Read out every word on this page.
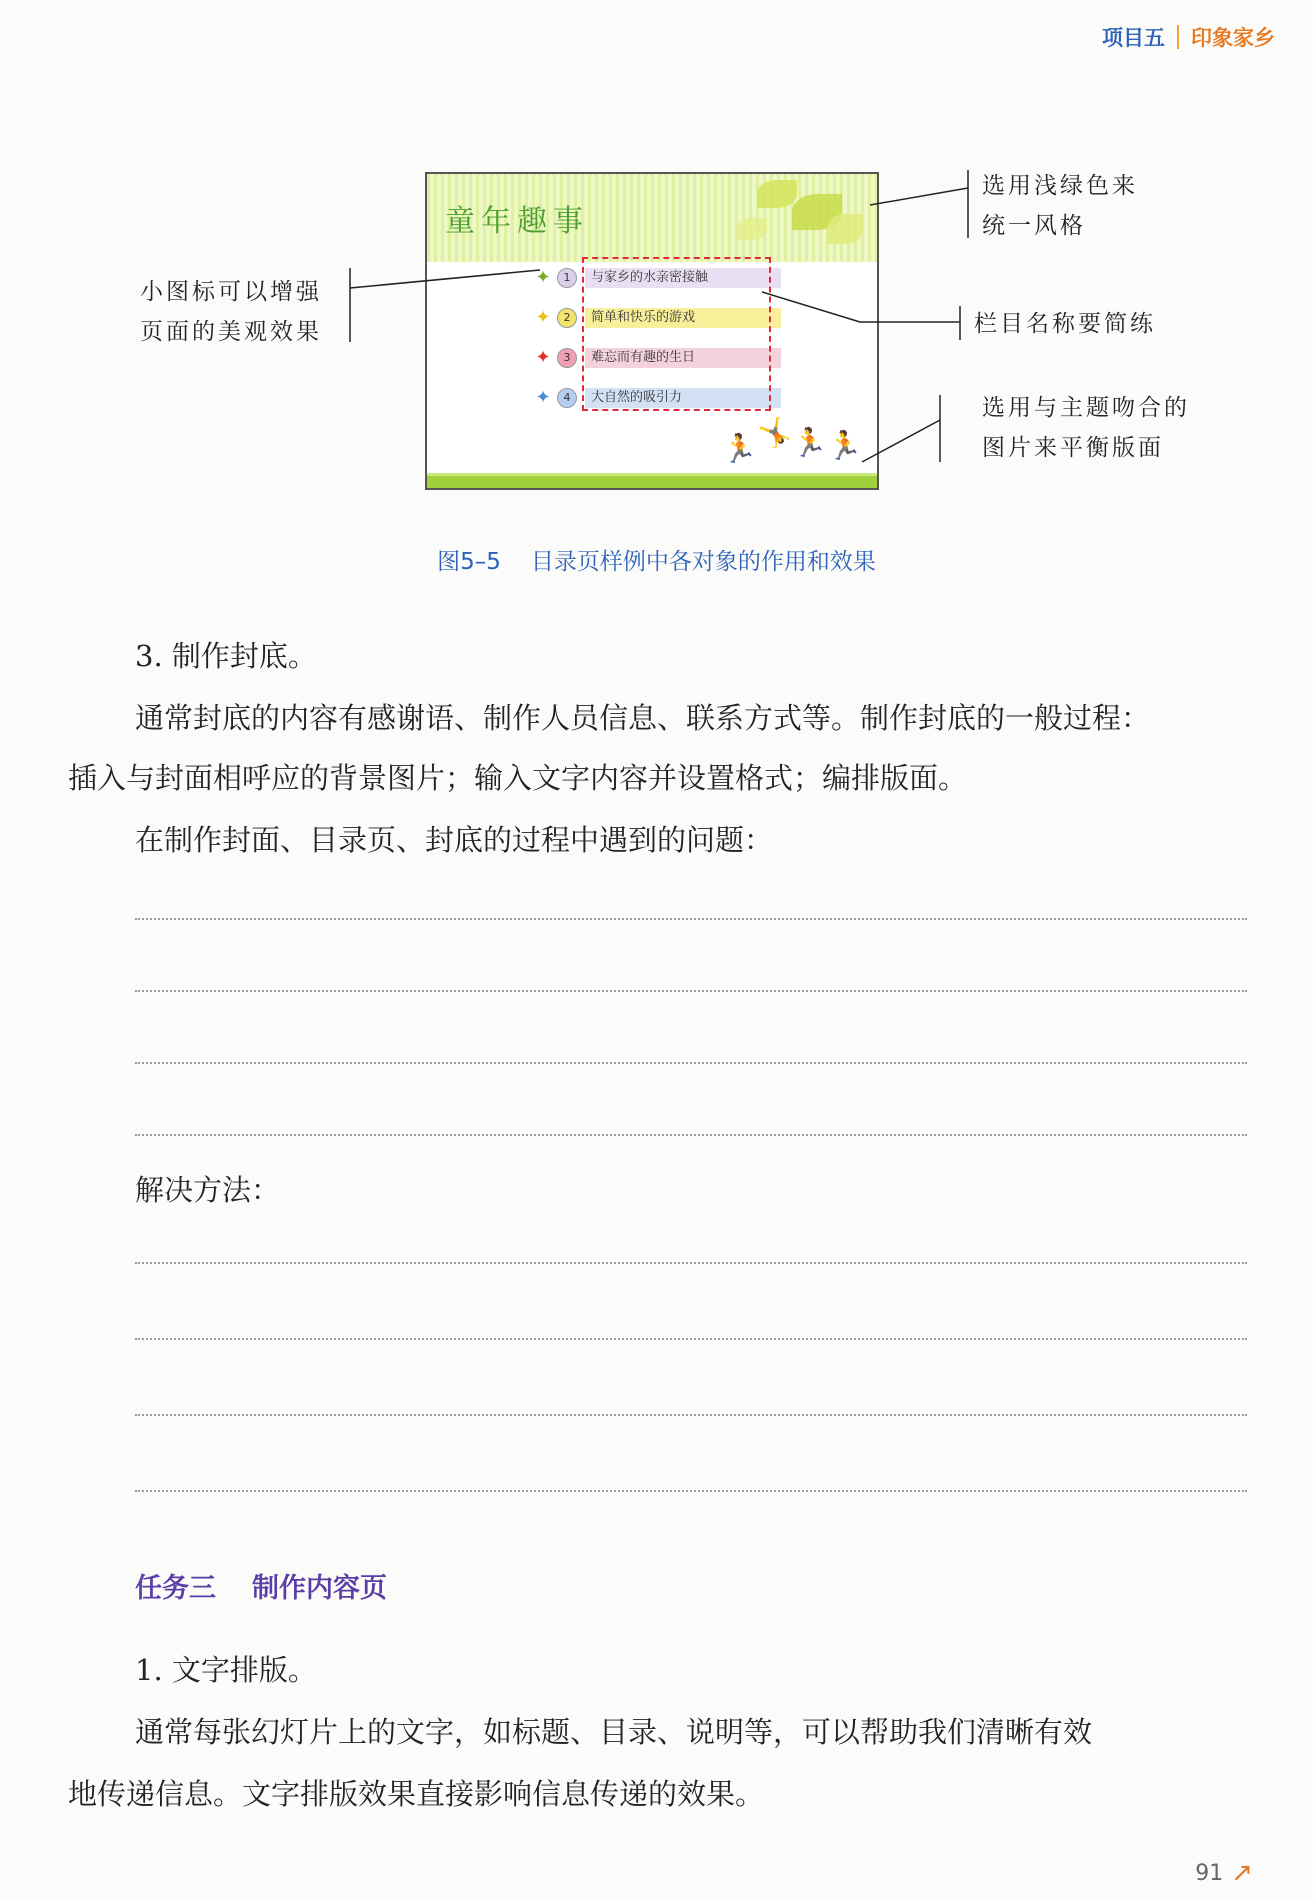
项目五 印象家乡
童年趣事
✦	1	与家乡的水亲密接触
✦	2	简单和快乐的游戏
✦	3	难忘而有趣的生日
✦	4	大自然的吸引力
🏃 🤸 🏃 🏃
小图标可以增强
页面的美观效果
选用浅绿色来
统一风格
栏目名称要简练
选用与主题吻合的
图片来平衡版面
图5–5 目录页样例中各对象的作用和效果
3. 制作封底。
通常封底的内容有感谢语、制作人员信息、联系方式等。制作封底的一般过程：
插入与封面相呼应的背景图片；输入文字内容并设置格式；编排版面。
在制作封面、目录页、封底的过程中遇到的问题：
解决方法：
任务三 制作内容页
1. 文字排版。
通常每张幻灯片上的文字，如标题、目录、说明等，可以帮助我们清晰有效
地传递信息。文字排版效果直接影响信息传递的效果。
91 ↗
